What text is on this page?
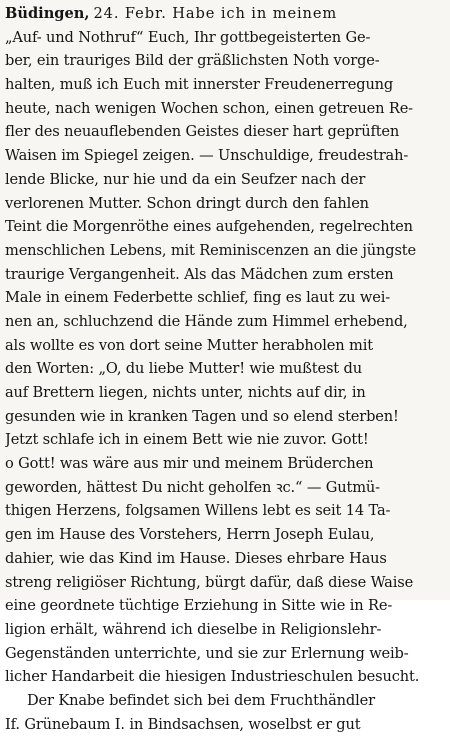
Büdingen, 24. Febr. Habe ich in meinem
„Auf- und Nothruf“ Euch, Ihr gottbegeisterten Ge-
ber, ein trauriges Bild der gräßlichsten Noth vorge-
halten, muß ich Euch mit innerster Freudenerregung
heute, nach wenigen Wochen schon, einen getreuen Re-
fler des neuauflebenden Geistes dieser hart geprüften
Waisen im Spiegel zeigen. — Unschuldige, freudestrah-
lende Blicke, nur hie und da ein Seufzer nach der
verlorenen Mutter. Schon dringt durch den fahlen
Teint die Morgenröthe eines aufgehenden, regelrechten
menschlichen Lebens, mit Reminiscenzen an die jüngste
traurige Vergangenheit. Als das Mädchen zum ersten
Male in einem Federbette schlief, fing es laut zu wei-
nen an, schluchzend die Hände zum Himmel erhebend,
als wollte es von dort seine Mutter herabholen mit
den Worten: „O, du liebe Mutter! wie mußtest du
auf Brettern liegen, nichts unter, nichts auf dir, in
gesunden wie in kranken Tagen und so elend sterben!
Jetzt schlafe ich in einem Bett wie nie zuvor. Gott!
o Gott! was wäre aus mir und meinem Brüderchen
geworden, hättest Du nicht geholfen ꝛc.“ — Gutmü-
thigen Herzens, folgsamen Willens lebt es seit 14 Ta-
gen im Hause des Vorstehers, Herrn Joseph Eulau,
dahier, wie das Kind im Hause. Dieses ehrbare Haus
streng religiöser Richtung, bürgt dafür, daß diese Waise
eine geordnete tüchtige Erziehung in Sitte wie in Re-
ligion erhält, während ich dieselbe in Religionslehr-
Gegenständen unterrichte, und sie zur Erlernung weib-
licher Handarbeit die hiesigen Industrieschulen besucht.
Der Knabe befindet sich bei dem Fruchthändler
If. Grünebaum I. in Bindsachsen, woselbst er gut
